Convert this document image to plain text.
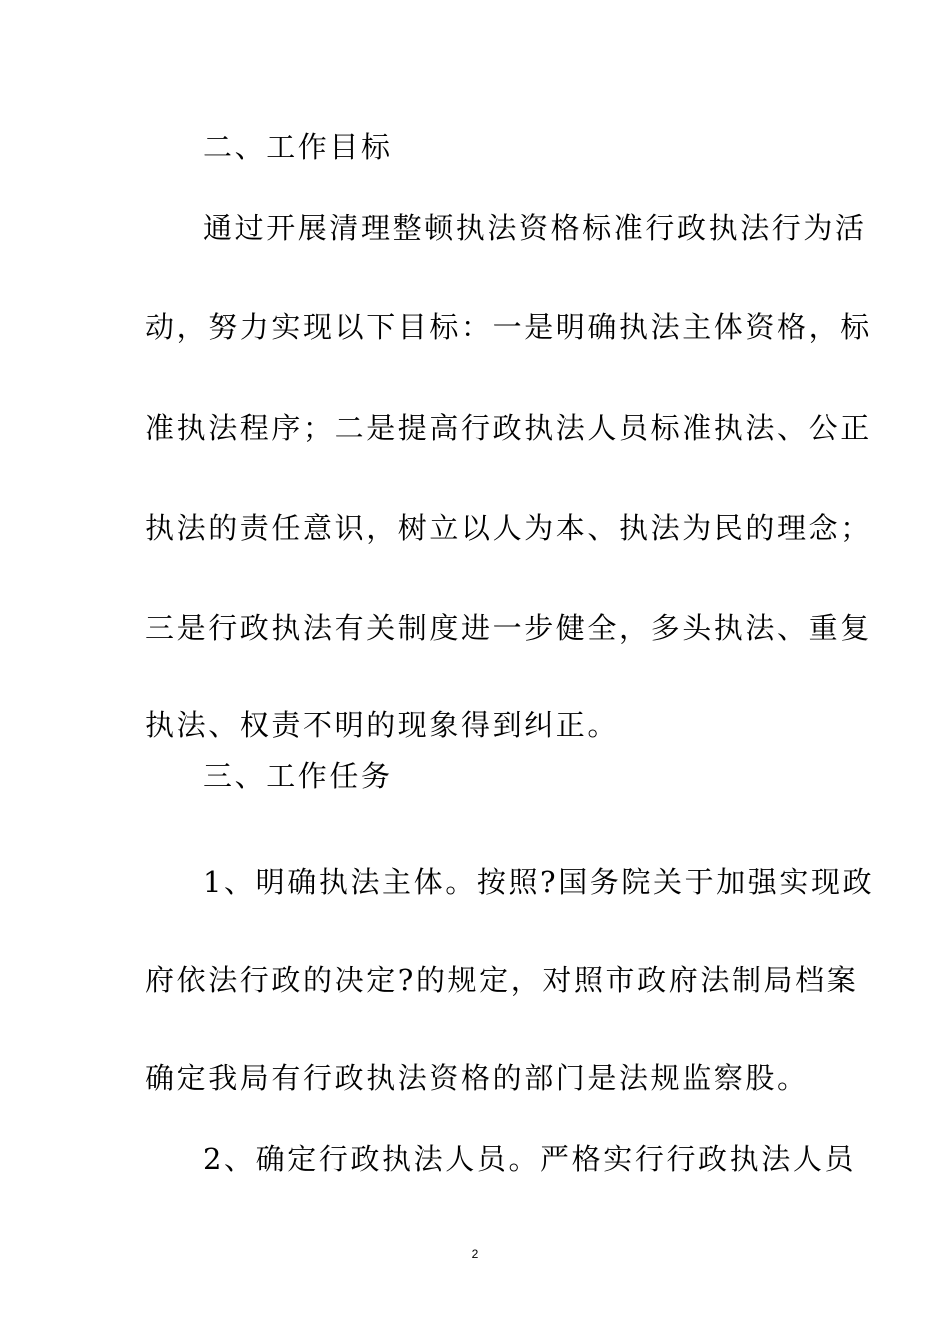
二、工作目标
通过开展清理整顿执法资格标准行政执法行为活
动，努力实现以下目标：一是明确执法主体资格，标
准执法程序；二是提高行政执法人员标准执法、公正
执法的责任意识，树立以人为本、执法为民的理念；
三是行政执法有关制度进一步健全，多头执法、重复
执法、权责不明的现象得到纠正。
三、工作任务
1、明确执法主体。按照?国务院关于加强实现政
府依法行政的决定?的规定，对照市政府法制局档案
确定我局有行政执法资格的部门是法规监察股。
2、确定行政执法人员。严格实行行政执法人员
2
